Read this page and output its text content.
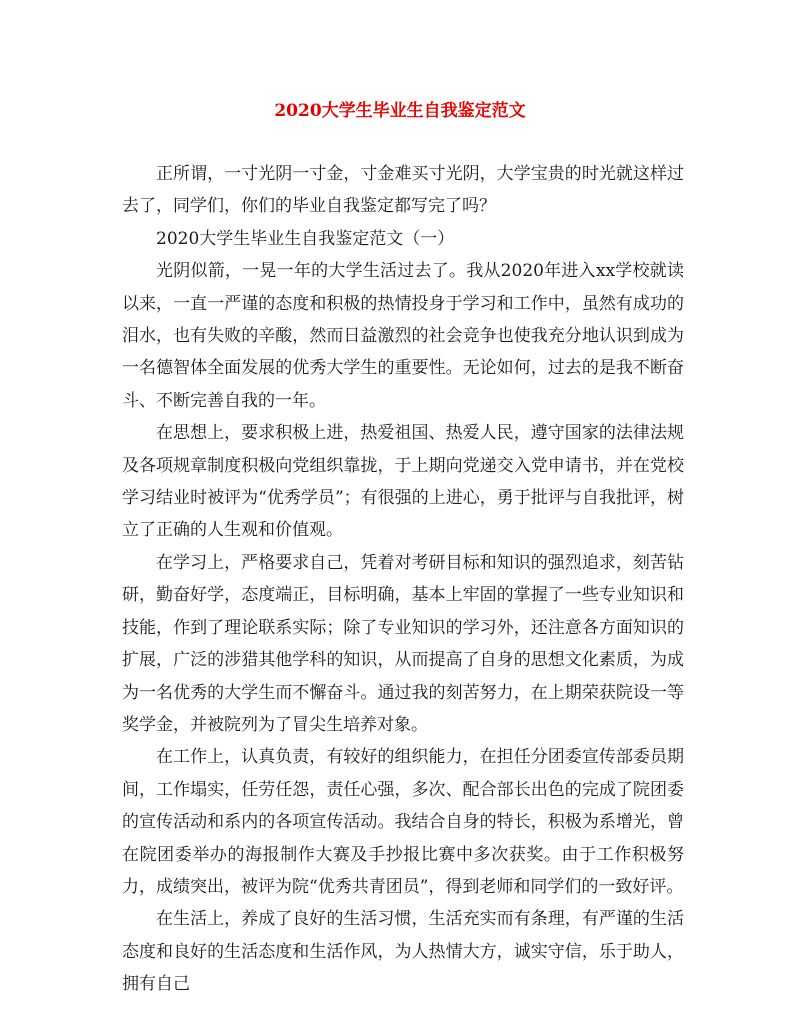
2020大学生毕业生自我鉴定范文

正所谓，一寸光阴一寸金，寸金难买寸光阴，大学宝贵的时光就这样过去了，同学们，你们的毕业自我鉴定都写完了吗？

2020大学生毕业生自我鉴定范文（一）

光阴似箭，一晃一年的大学生活过去了。我从2020年进入xx学校就读以来，一直一严谨的态度和积极的热情投身于学习和工作中，虽然有成功的泪水，也有失败的辛酸，然而日益激烈的社会竞争也使我充分地认识到成为一名德智体全面发展的优秀大学生的重要性。无论如何，过去的是我不断奋斗、不断完善自我的一年。

在思想上，要求积极上进，热爱祖国、热爱人民，遵守国家的法律法规及各项规章制度积极向党组织靠拢，于上期向党递交入党申请书，并在党校学习结业时被评为“优秀学员”；有很强的上进心，勇于批评与自我批评，树立了正确的人生观和价值观。

在学习上，严格要求自己，凭着对考研目标和知识的强烈追求，刻苦钻研，勤奋好学，态度端正，目标明确，基本上牢固的掌握了一些专业知识和技能，作到了理论联系实际；除了专业知识的学习外，还注意各方面知识的扩展，广泛的涉猎其他学科的知识，从而提高了自身的思想文化素质，为成为一名优秀的大学生而不懈奋斗。通过我的刻苦努力，在上期荣获院设一等奖学金，并被院列为了冒尖生培养对象。

在工作上，认真负责，有较好的组织能力，在担任分团委宣传部委员期间，工作塌实，任劳任怨，责任心强，多次、配合部长出色的完成了院团委的宣传活动和系内的各项宣传活动。我结合自身的特长，积极为系增光，曾在院团委举办的海报制作大赛及手抄报比赛中多次获奖。由于工作积极努力，成绩突出，被评为院“优秀共青团员”，得到老师和同学们的一致好评。

在生活上，养成了良好的生活习惯，生活充实而有条理，有严谨的生活态度和良好的生活态度和生活作风，为人热情大方，诚实守信，乐于助人，拥有自己
